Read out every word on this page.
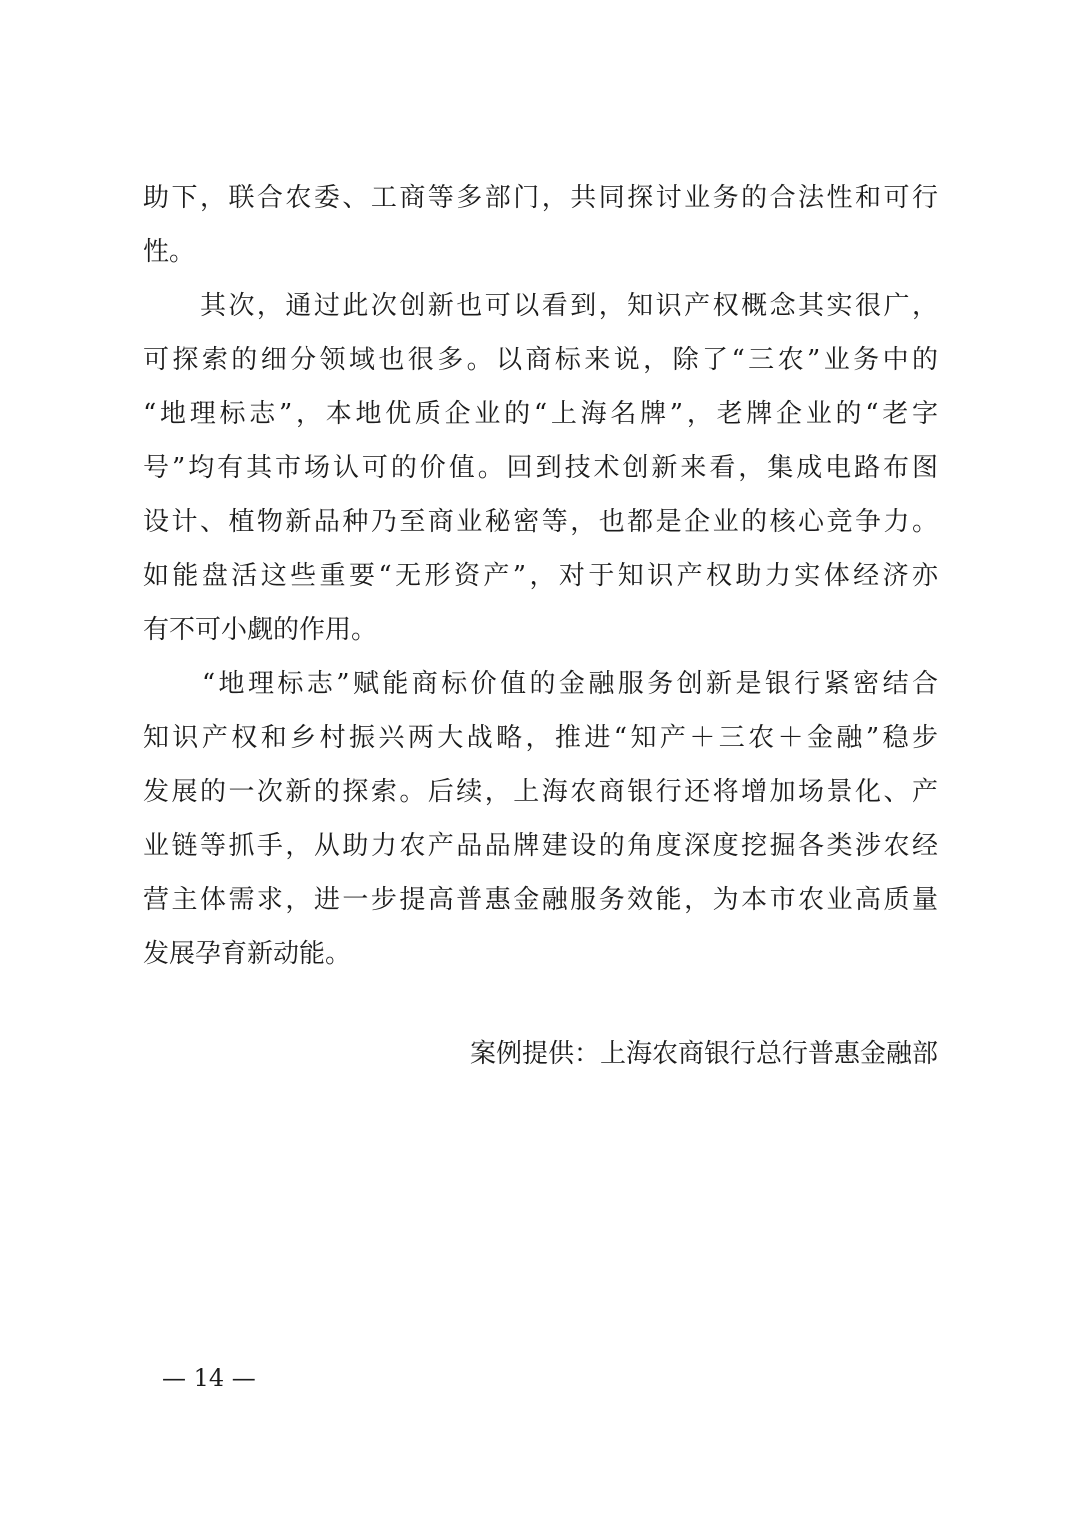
助下，联合农委、工商等多部门，共同探讨业务的合法性和可行
性。
　　其次，通过此次创新也可以看到，知识产权概念其实很广，
可探索的细分领域也很多。以商标来说，除了“三农”业务中的
“地理标志”，本地优质企业的“上海名牌”，老牌企业的“老字
号”均有其市场认可的价值。回到技术创新来看，集成电路布图
设计、植物新品种乃至商业秘密等，也都是企业的核心竞争力。
如能盘活这些重要“无形资产”，对于知识产权助力实体经济亦
有不可小觑的作用。
　　“地理标志”赋能商标价值的金融服务创新是银行紧密结合
知识产权和乡村振兴两大战略，推进“知产＋三农＋金融”稳步
发展的一次新的探索。后续，上海农商银行还将增加场景化、产
业链等抓手，从助力农产品品牌建设的角度深度挖掘各类涉农经
营主体需求，进一步提高普惠金融服务效能，为本市农业高质量
发展孕育新动能。
案例提供：上海农商银行总行普惠金融部
— 14 —
